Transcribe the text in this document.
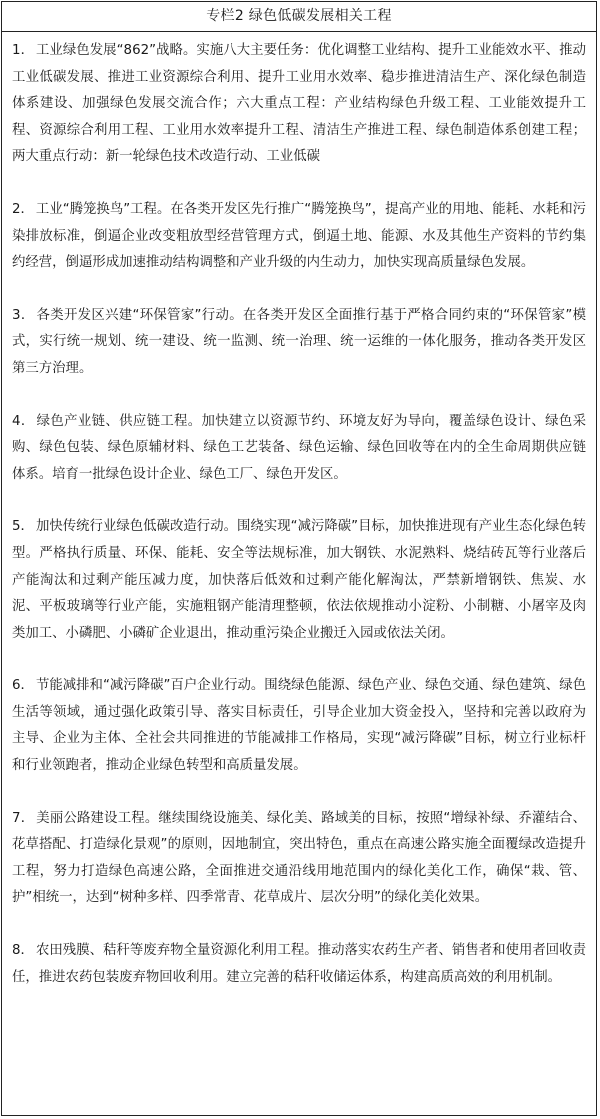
专栏2 绿色低碳发展相关工程

1． 工业绿色发展“862”战略。实施八大主要任务：优化调整工业结构、提升工业能效水平、推动工业低碳发展、推进工业资源综合利用、提升工业用水效率、稳步推进清洁生产、深化绿色制造体系建设、加强绿色发展交流合作；六大重点工程：产业结构绿色升级工程、工业能效提升工程、资源综合利用工程、工业用水效率提升工程、清洁生产推进工程、绿色制造体系创建工程；两大重点行动：新一轮绿色技术改造行动、工业低碳

2． 工业“腾笼换鸟”工程。在各类开发区先行推广“腾笼换鸟”，提高产业的用地、能耗、水耗和污染排放标准，倒逼企业改变粗放型经营管理方式，倒逼土地、能源、水及其他生产资料的节约集约经营，倒逼形成加速推动结构调整和产业升级的内生动力，加快实现高质量绿色发展。

3． 各类开发区兴建“环保管家”行动。在各类开发区全面推行基于严格合同约束的“环保管家”模式，实行统一规划、统一建设、统一监测、统一治理、统一运维的一体化服务，推动各类开发区第三方治理。

4． 绿色产业链、供应链工程。加快建立以资源节约、环境友好为导向，覆盖绿色设计、绿色采购、绿色包装、绿色原辅材料、绿色工艺装备、绿色运输、绿色回收等在内的全生命周期供应链体系。培育一批绿色设计企业、绿色工厂、绿色开发区。

5． 加快传统行业绿色低碳改造行动。围绕实现“减污降碳”目标，加快推进现有产业生态化绿色转型。严格执行质量、环保、能耗、安全等法规标准，加大钢铁、水泥熟料、烧结砖瓦等行业落后产能淘汰和过剩产能压减力度，加快落后低效和过剩产能化解淘汰，严禁新增钢铁、焦炭、水泥、平板玻璃等行业产能，实施粗钢产能清理整顿，依法依规推动小淀粉、小制糖、小屠宰及肉类加工、小磷肥、小磷矿企业退出，推动重污染企业搬迁入园或依法关闭。

6． 节能减排和“减污降碳”百户企业行动。围绕绿色能源、绿色产业、绿色交通、绿色建筑、绿色生活等领域，通过强化政策引导、落实目标责任，引导企业加大资金投入，坚持和完善以政府为主导、企业为主体、全社会共同推进的节能减排工作格局，实现“减污降碳”目标，树立行业标杆和行业领跑者，推动企业绿色转型和高质量发展。

7． 美丽公路建设工程。继续围绕设施美、绿化美、路域美的目标，按照“增绿补绿、乔灌结合、花草搭配、打造绿化景观”的原则，因地制宜，突出特色，重点在高速公路实施全面覆绿改造提升工程，努力打造绿色高速公路，全面推进交通沿线用地范围内的绿化美化工作，确保“栽、管、护”相统一，达到“树种多样、四季常青、花草成片、层次分明”的绿化美化效果。

8． 农田残膜、秸秆等废弃物全量资源化利用工程。推动落实农药生产者、销售者和使用者回收责任，推进农药包装废弃物回收利用。建立完善的秸秆收储运体系，构建高质高效的利用机制。
